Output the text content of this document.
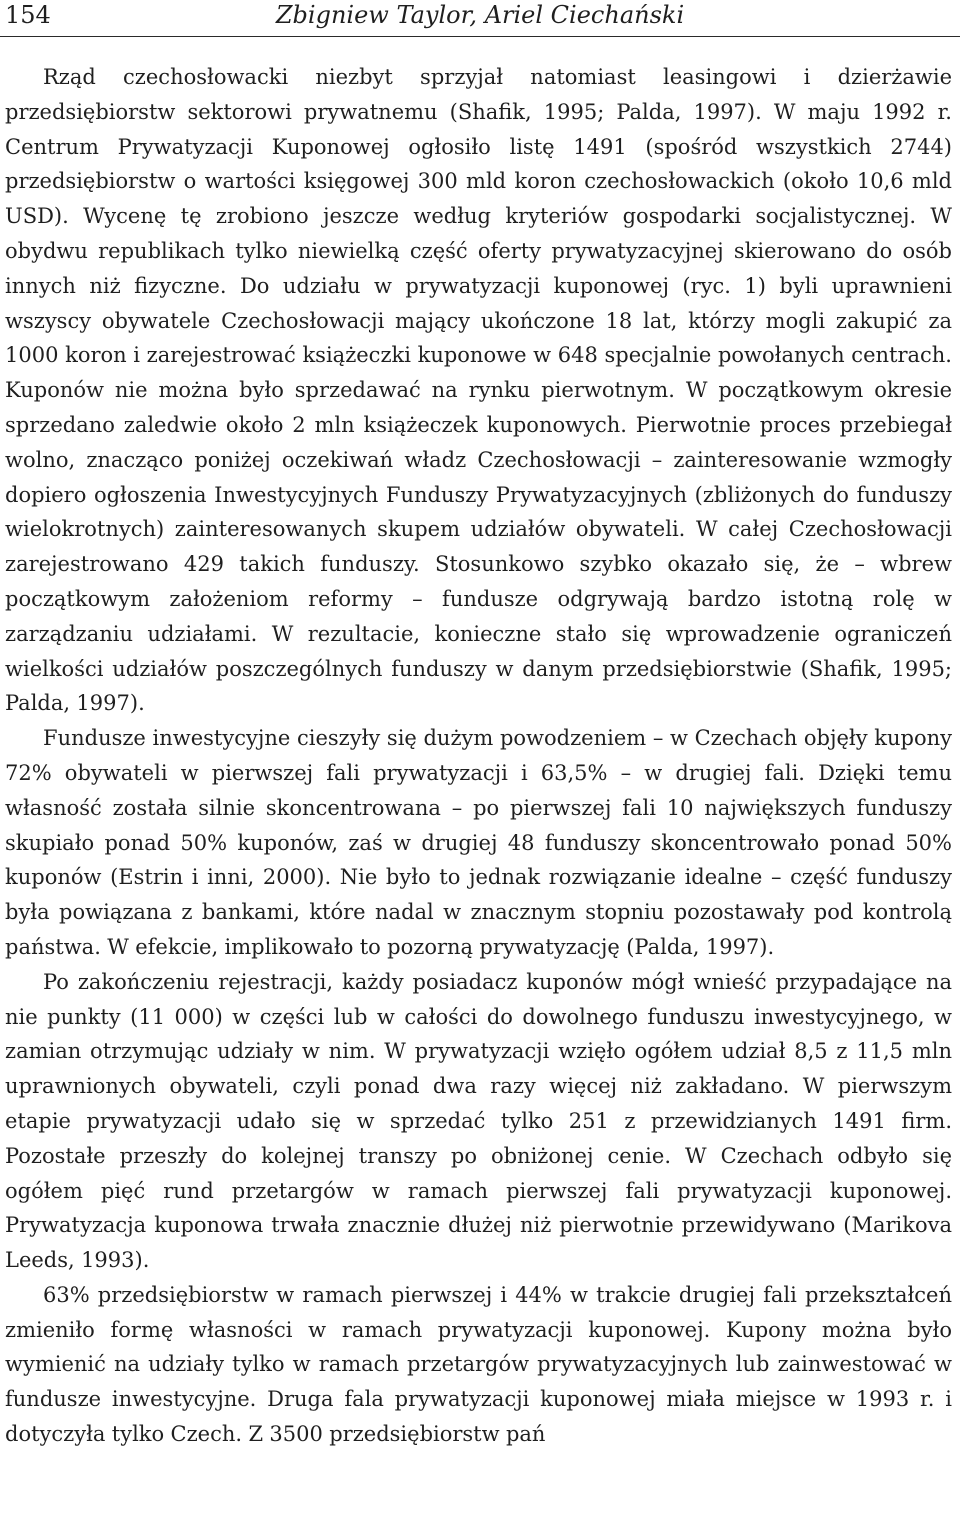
154	Zbigniew Taylor, Ariel Ciechański

Rząd czechosłowacki niezbyt sprzyjał natomiast leasingowi i dzierżawie przedsiębiorstw sektorowi prywatnemu (Shafik, 1995; Palda, 1997). W maju 1992 r. Centrum Prywatyzacji Kuponowej ogłosiło listę 1491 (spośród wszystkich 2744) przedsiębiorstw o wartości księgowej 300 mld koron czechosłowackich (około 10,6 mld USD). Wycenę tę zrobiono jeszcze według kryteriów gospodarki socjalistycznej. W obydwu republikach tylko niewielką część oferty prywatyzacyjnej skierowano do osób innych niż fizyczne. Do udziału w prywatyzacji kuponowej (ryc. 1) byli uprawnieni wszyscy obywatele Czechosłowacji mający ukończone 18 lat, którzy mogli zakupić za 1000 koron i zarejestrować książeczki kuponowe w 648 specjalnie powołanych centrach. Kuponów nie można było sprzedawać na rynku pierwotnym. W początkowym okresie sprzedano zaledwie około 2 mln książeczek kuponowych. Pierwotnie proces przebiegał wolno, znacząco poniżej oczekiwań władz Czechosłowacji – zainteresowanie wzmogły dopiero ogłoszenia Inwestycyjnych Funduszy Prywatyzacyjnych (zbliżonych do funduszy wielokrotnych) zainteresowanych skupem udziałów obywateli. W całej Czechosłowacji zarejestrowano 429 takich funduszy. Stosunkowo szybko okazało się, że – wbrew początkowym założeniom reformy – fundusze odgrywają bardzo istotną rolę w zarządzaniu udziałami. W rezultacie, konieczne stało się wprowadzenie ograniczeń wielkości udziałów poszczególnych funduszy w danym przedsiębiorstwie (Shafik, 1995; Palda, 1997).

Fundusze inwestycyjne cieszyły się dużym powodzeniem – w Czechach objęły kupony 72% obywateli w pierwszej fali prywatyzacji i 63,5% – w drugiej fali. Dzięki temu własność została silnie skoncentrowana – po pierwszej fali 10 największych funduszy skupiało ponad 50% kuponów, zaś w drugiej 48 funduszy skoncentrowało ponad 50% kuponów (Estrin i inni, 2000). Nie było to jednak rozwiązanie idealne – część funduszy była powiązana z bankami, które nadal w znacznym stopniu pozostawały pod kontrolą państwa. W efekcie, implikowało to pozorną prywatyzację (Palda, 1997).

Po zakończeniu rejestracji, każdy posiadacz kuponów mógł wnieść przypadające na nie punkty (11 000) w części lub w całości do dowolnego funduszu inwestycyjnego, w zamian otrzymując udziały w nim. W prywatyzacji wzięło ogółem udział 8,5 z 11,5 mln uprawnionych obywateli, czyli ponad dwa razy więcej niż zakładano. W pierwszym etapie prywatyzacji udało się w sprzedać tylko 251 z przewidzianych 1491 firm. Pozostałe przeszły do kolejnej transzy po obniżonej cenie. W Czechach odbyło się ogółem pięć rund przetargów w ramach pierwszej fali prywatyzacji kuponowej. Prywatyzacja kuponowa trwała znacznie dłużej niż pierwotnie przewidywano (Marikova Leeds, 1993).

63% przedsiębiorstw w ramach pierwszej i 44% w trakcie drugiej fali przekształceń zmieniło formę własności w ramach prywatyzacji kuponowej. Kupony można było wymienić na udziały tylko w ramach przetargów prywatyzacyjnych lub zainwestować w fundusze inwestycyjne. Druga fala prywatyzacji kuponowej miała miejsce w 1993 r. i dotyczyła tylko Czech. Z 3500 przedsiębiorstw pań
